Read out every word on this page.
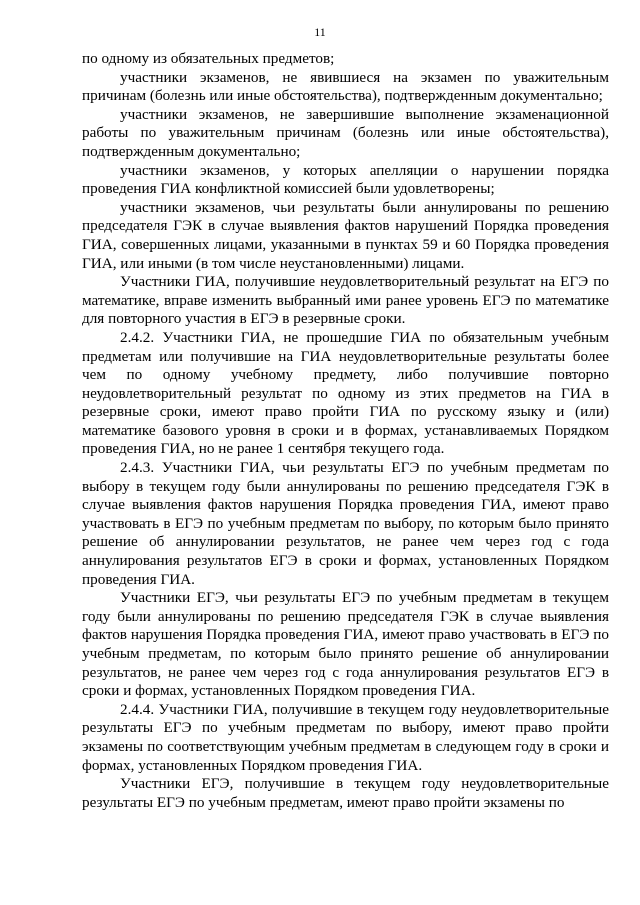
11

по одному из обязательных предметов;

участники экзаменов, не явившиеся на экзамен по уважительным причинам (болезнь или иные обстоятельства), подтвержденным документально;

участники экзаменов, не завершившие выполнение экзаменационной работы по уважительным причинам (болезнь или иные обстоятельства), подтвержденным документально;

участники экзаменов, у которых апелляции о нарушении порядка проведения ГИА конфликтной комиссией были удовлетворены;

участники экзаменов, чьи результаты были аннулированы по решению председателя ГЭК в случае выявления фактов нарушений Порядка проведения ГИА, совершенных лицами, указанными в пунктах 59 и 60 Порядка проведения ГИА, или иными (в том числе неустановленными) лицами.

Участники ГИА, получившие неудовлетворительный результат на ЕГЭ по математике, вправе изменить выбранный ими ранее уровень ЕГЭ по математике для повторного участия в ЕГЭ в резервные сроки.

2.4.2. Участники ГИА, не прошедшие ГИА по обязательным учебным предметам или получившие на ГИА неудовлетворительные результаты более чем по одному учебному предмету, либо получившие повторно неудовлетворительный результат по одному из этих предметов на ГИА в резервные сроки, имеют право пройти ГИА по русскому языку и (или) математике базового уровня в сроки и в формах, устанавливаемых Порядком проведения ГИА, но не ранее 1 сентября текущего года.

2.4.3. Участники ГИА, чьи результаты ЕГЭ по учебным предметам по выбору в текущем году были аннулированы по решению председателя ГЭК в случае выявления фактов нарушения Порядка проведения ГИА, имеют право участвовать в ЕГЭ по учебным предметам по выбору, по которым было принято решение об аннулировании результатов, не ранее чем через год с года аннулирования результатов ЕГЭ в сроки и формах, установленных Порядком проведения ГИА.

Участники ЕГЭ, чьи результаты ЕГЭ по учебным предметам в текущем году были аннулированы по решению председателя ГЭК в случае выявления фактов нарушения Порядка проведения ГИА, имеют право участвовать в ЕГЭ по учебным предметам, по которым было принято решение об аннулировании результатов, не ранее чем через год с года аннулирования результатов ЕГЭ в сроки и формах, установленных Порядком проведения ГИА.

2.4.4. Участники ГИА, получившие в текущем году неудовлетворительные результаты ЕГЭ по учебным предметам по выбору, имеют право пройти экзамены по соответствующим учебным предметам в следующем году в сроки и формах, установленных Порядком проведения ГИА.

Участники ЕГЭ, получившие в текущем году неудовлетворительные результаты ЕГЭ по учебным предметам, имеют право пройти экзамены по
